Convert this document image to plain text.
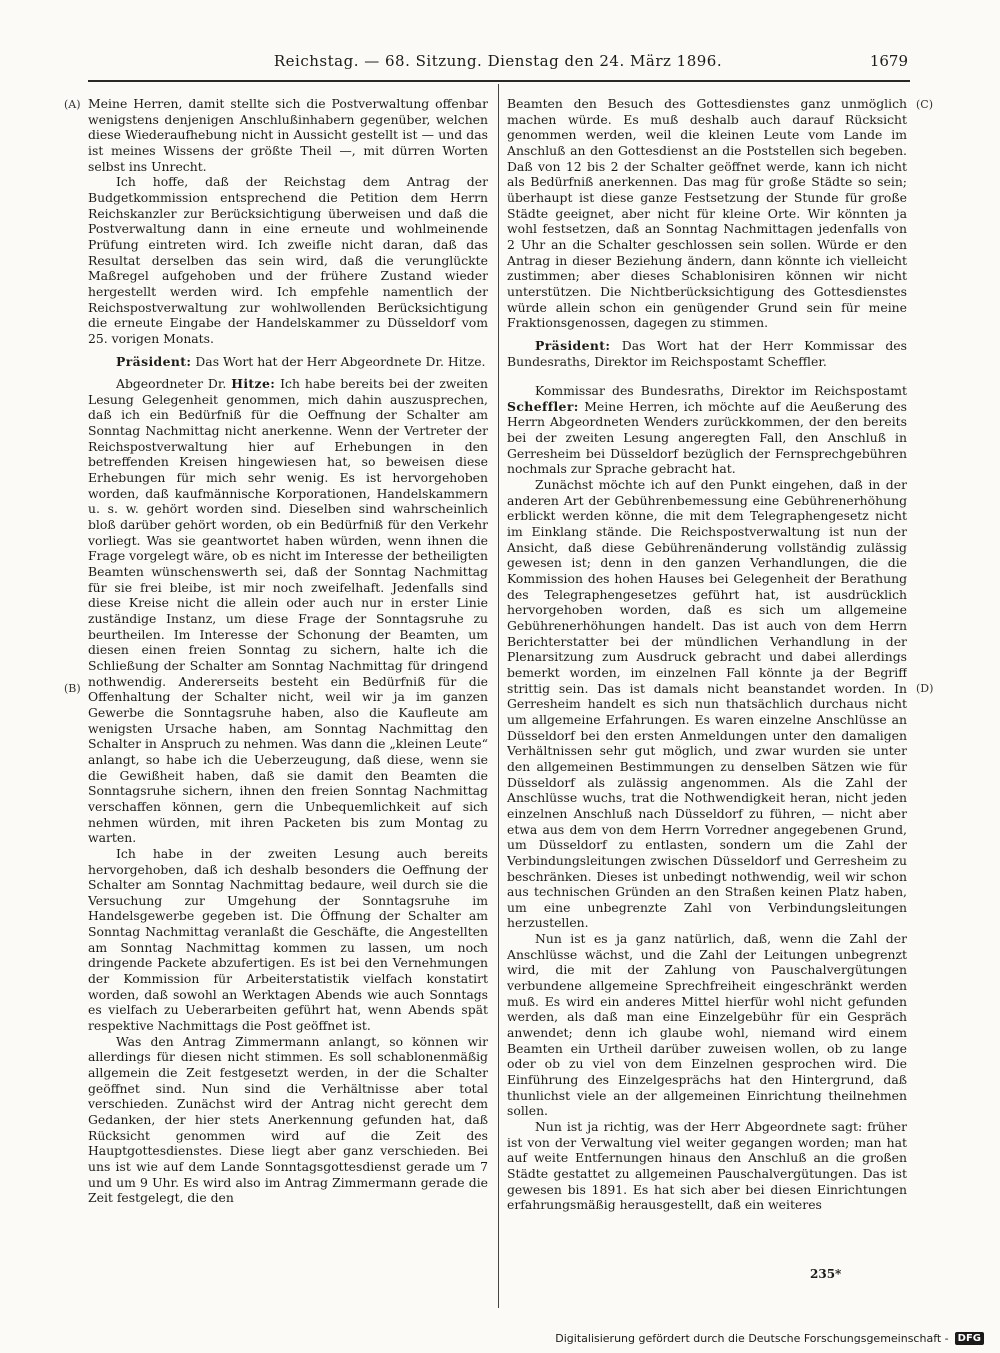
Reichstag. — 68. Sitzung. Dienstag den 24. März 1896.	1679
(A)
(B)
(C)
(D)

Meine Herren, damit stellte sich die Postverwaltung offenbar wenigstens denjenigen Anschlußinhabern gegenüber, welchen diese Wiederaufhebung nicht in Aussicht gestellt ist — und das ist meines Wissens der größte Theil —, mit dürren Worten selbst ins Unrecht.

Ich hoffe, daß der Reichstag dem Antrag der Budgetkommission entsprechend die Petition dem Herrn Reichskanzler zur Berücksichtigung überweisen und daß die Postverwaltung dann in eine erneute und wohlmeinende Prüfung eintreten wird. Ich zweifle nicht daran, daß das Resultat derselben das sein wird, daß die verunglückte Maßregel aufgehoben und der frühere Zustand wieder hergestellt werden wird. Ich empfehle namentlich der Reichspostverwaltung zur wohlwollenden Berücksichtigung die erneute Eingabe der Handelskammer zu Düsseldorf vom 25. vorigen Monats.

Präsident: Das Wort hat der Herr Abgeordnete Dr. Hitze.

Abgeordneter Dr. Hitze: Ich habe bereits bei der zweiten Lesung Gelegenheit genommen, mich dahin auszusprechen, daß ich ein Bedürfniß für die Oeffnung der Schalter am Sonntag Nachmittag nicht anerkenne. Wenn der Vertreter der Reichspostverwaltung hier auf Erhebungen in den betreffenden Kreisen hingewiesen hat, so beweisen diese Erhebungen für mich sehr wenig. Es ist hervorgehoben worden, daß kaufmännische Korporationen, Handelskammern u. s. w. gehört worden sind. Dieselben sind wahrscheinlich bloß darüber gehört worden, ob ein Bedürfniß für den Verkehr vorliegt. Was sie geantwortet haben würden, wenn ihnen die Frage vorgelegt wäre, ob es nicht im Interesse der betheiligten Beamten wünschenswerth sei, daß der Sonntag Nachmittag für sie frei bleibe, ist mir noch zweifelhaft. Jedenfalls sind diese Kreise nicht die allein oder auch nur in erster Linie zuständige Instanz, um diese Frage der Sonntagsruhe zu beurtheilen. Im Interesse der Schonung der Beamten, um diesen einen freien Sonntag zu sichern, halte ich die Schließung der Schalter am Sonntag Nachmittag für dringend nothwendig. Andererseits besteht ein Bedürfniß für die Offenhaltung der Schalter nicht, weil wir ja im ganzen Gewerbe die Sonntagsruhe haben, also die Kaufleute am wenigsten Ursache haben, am Sonntag Nachmittag den Schalter in Anspruch zu nehmen. Was dann die „kleinen Leute“ anlangt, so habe ich die Ueberzeugung, daß diese, wenn sie die Gewißheit haben, daß sie damit den Beamten die Sonntagsruhe sichern, ihnen den freien Sonntag Nachmittag verschaffen können, gern die Unbequemlichkeit auf sich nehmen würden, mit ihren Packeten bis zum Montag zu warten.

Ich habe in der zweiten Lesung auch bereits hervorgehoben, daß ich deshalb besonders die Oeffnung der Schalter am Sonntag Nachmittag bedaure, weil durch sie die Versuchung zur Umgehung der Sonntagsruhe im Handelsgewerbe gegeben ist. Die Öffnung der Schalter am Sonntag Nachmittag veranlaßt die Geschäfte, die Angestellten am Sonntag Nachmittag kommen zu lassen, um noch dringende Packete abzufertigen. Es ist bei den Vernehmungen der Kommission für Arbeiterstatistik vielfach konstatirt worden, daß sowohl an Werktagen Abends wie auch Sonntags es vielfach zu Ueberarbeiten geführt hat, wenn Abends spät respektive Nachmittags die Post geöffnet ist.

Was den Antrag Zimmermann anlangt, so können wir allerdings für diesen nicht stimmen. Es soll schablonenmäßig allgemein die Zeit festgesetzt werden, in der die Schalter geöffnet sind. Nun sind die Verhältnisse aber total verschieden. Zunächst wird der Antrag nicht gerecht dem Gedanken, der hier stets Anerkennung gefunden hat, daß Rücksicht genommen wird auf die Zeit des Hauptgottesdienstes. Diese liegt aber ganz verschieden. Bei uns ist wie auf dem Lande Sonntagsgottesdienst gerade um 7 und um 9 Uhr. Es wird also im Antrag Zimmermann gerade die Zeit festgelegt, die den

Beamten den Besuch des Gottesdienstes ganz unmöglich machen würde. Es muß deshalb auch darauf Rücksicht genommen werden, weil die kleinen Leute vom Lande im Anschluß an den Gottesdienst an die Poststellen sich begeben. Daß von 12 bis 2 der Schalter geöffnet werde, kann ich nicht als Bedürfniß anerkennen. Das mag für große Städte so sein; überhaupt ist diese ganze Festsetzung der Stunde für große Städte geeignet, aber nicht für kleine Orte. Wir könnten ja wohl festsetzen, daß an Sonntag Nachmittagen jedenfalls von 2 Uhr an die Schalter geschlossen sein sollen. Würde er den Antrag in dieser Beziehung ändern, dann könnte ich vielleicht zustimmen; aber dieses Schablonisiren können wir nicht unterstützen. Die Nichtberücksichtigung des Gottesdienstes würde allein schon ein genügender Grund sein für meine Fraktionsgenossen, dagegen zu stimmen.

Präsident: Das Wort hat der Herr Kommissar des Bundesraths, Direktor im Reichspostamt Scheffler.

Kommissar des Bundesraths, Direktor im Reichspostamt Scheffler: Meine Herren, ich möchte auf die Aeußerung des Herrn Abgeordneten Wenders zurückkommen, der den bereits bei der zweiten Lesung angeregten Fall, den Anschluß in Gerresheim bei Düsseldorf bezüglich der Fernsprechgebühren nochmals zur Sprache gebracht hat.

Zunächst möchte ich auf den Punkt eingehen, daß in der anderen Art der Gebührenbemessung eine Gebührenerhöhung erblickt werden könne, die mit dem Telegraphengesetz nicht im Einklang stände. Die Reichspostverwaltung ist nun der Ansicht, daß diese Gebührenänderung vollständig zulässig gewesen ist; denn in den ganzen Verhandlungen, die die Kommission des hohen Hauses bei Gelegenheit der Berathung des Telegraphengesetzes geführt hat, ist ausdrücklich hervorgehoben worden, daß es sich um allgemeine Gebührenerhöhungen handelt. Das ist auch von dem Herrn Berichterstatter bei der mündlichen Verhandlung in der Plenarsitzung zum Ausdruck gebracht und dabei allerdings bemerkt worden, im einzelnen Fall könnte ja der Begriff strittig sein. Das ist damals nicht beanstandet worden. In Gerresheim handelt es sich nun thatsächlich durchaus nicht um allgemeine Erfahrungen. Es waren einzelne Anschlüsse an Düsseldorf bei den ersten Anmeldungen unter den damaligen Verhältnissen sehr gut möglich, und zwar wurden sie unter den allgemeinen Bestimmungen zu denselben Sätzen wie für Düsseldorf als zulässig angenommen. Als die Zahl der Anschlüsse wuchs, trat die Nothwendigkeit heran, nicht jeden einzelnen Anschluß nach Düsseldorf zu führen, — nicht aber etwa aus dem von dem Herrn Vorredner angegebenen Grund, um Düsseldorf zu entlasten, sondern um die Zahl der Verbindungsleitungen zwischen Düsseldorf und Gerresheim zu beschränken. Dieses ist unbedingt nothwendig, weil wir schon aus technischen Gründen an den Straßen keinen Platz haben, um eine unbegrenzte Zahl von Verbindungsleitungen herzustellen.

Nun ist es ja ganz natürlich, daß, wenn die Zahl der Anschlüsse wächst, und die Zahl der Leitungen unbegrenzt wird, die mit der Zahlung von Pauschalvergütungen verbundene allgemeine Sprechfreiheit eingeschränkt werden muß. Es wird ein anderes Mittel hierfür wohl nicht gefunden werden, als daß man eine Einzelgebühr für ein Gespräch anwendet; denn ich glaube wohl, niemand wird einem Beamten ein Urtheil darüber zuweisen wollen, ob zu lange oder ob zu viel von dem Einzelnen gesprochen wird. Die Einführung des Einzelgesprächs hat den Hintergrund, daß thunlichst viele an der allgemeinen Einrichtung theilnehmen sollen.

Nun ist ja richtig, was der Herr Abgeordnete sagt: früher ist von der Verwaltung viel weiter gegangen worden; man hat auf weite Entfernungen hinaus den Anschluß an die großen Städte gestattet zu allgemeinen Pauschalvergütungen. Das ist gewesen bis 1891. Es hat sich aber bei diesen Einrichtungen erfahrungsmäßig herausgestellt, daß ein weiteres

235*
Digitalisierung gefördert durch die Deutsche Forschungsgemeinschaft - DFG
